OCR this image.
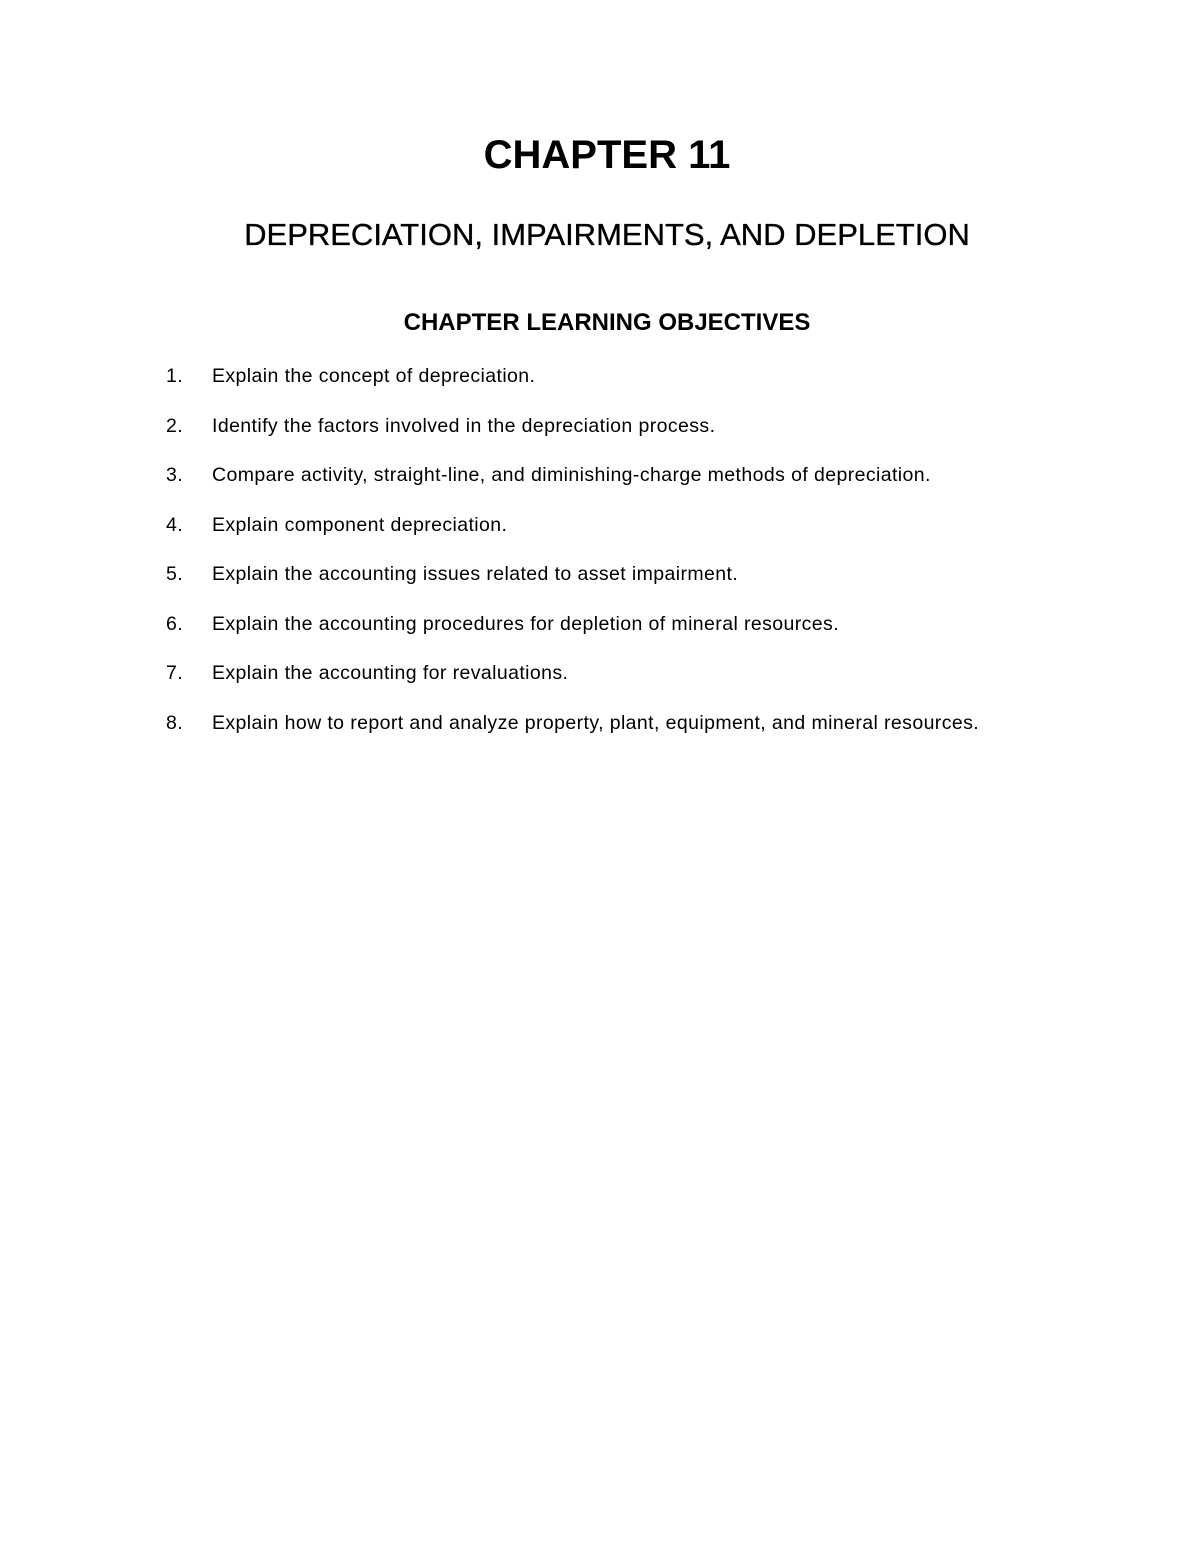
CHAPTER 11
DEPRECIATION, IMPAIRMENTS, AND DEPLETION
CHAPTER LEARNING OBJECTIVES
1. Explain the concept of depreciation.
2. Identify the factors involved in the depreciation process.
3. Compare activity, straight-line, and diminishing-charge methods of depreciation.
4. Explain component depreciation.
5. Explain the accounting issues related to asset impairment.
6. Explain the accounting procedures for depletion of mineral resources.
7. Explain the accounting for revaluations.
8. Explain how to report and analyze property, plant, equipment, and mineral resources.
